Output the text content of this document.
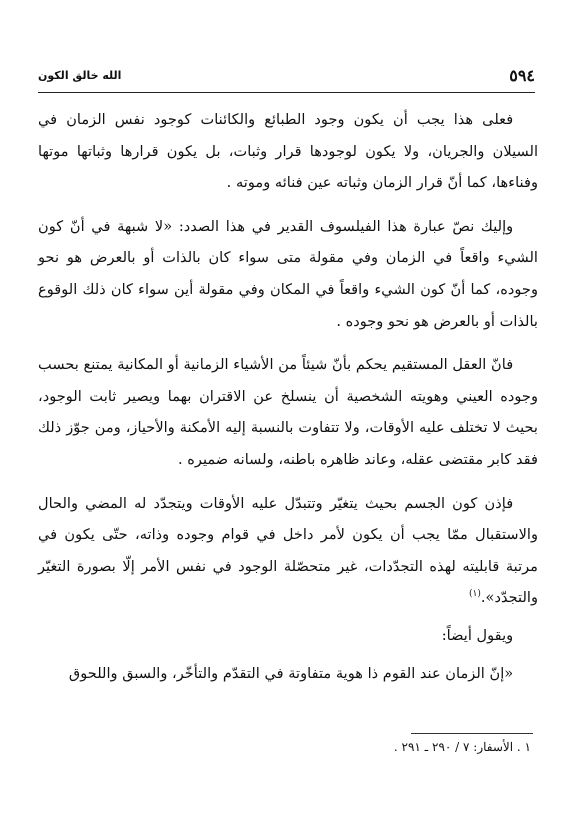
٥٩٤
الله خالق الكون

فعلى هذا يجب أن يكون وجود الطبائع والكائنات كوجود نفس الزمان في السيلان والجريان، ولا يكون لوجودها قرار وثبات، بل يكون قرارها وثباتها موتها وفناءها، كما أنّ قرار الزمان وثباته عين فنائه وموته .

وإليك نصّ عبارة هذا الفيلسوف القدير في هذا الصدد: «لا شبهة في أنّ كون الشيء واقعاً في الزمان وفي مقولة متى سواء كان بالذات أو بالعرض هو نحو وجوده، كما أنّ كون الشيء واقعاً في المكان وفي مقولة أين سواء كان ذلك الوقوع بالذات أو بالعرض هو نحو وجوده .

فانّ العقل المستقيم يحكم بأنّ شيئاً من الأشياء الزمانية أو المكانية يمتنع بحسب وجوده العيني وهويته الشخصية أن ينسلخ عن الاقتران بهما ويصير ثابت الوجود، بحيث لا تختلف عليه الأوقات، ولا تتفاوت بالنسبة إليه الأمكنة والأحياز، ومن جوّز ذلك فقد كابر مقتضى عقله، وعاند ظاهره باطنه، ولسانه ضميره .

فإذن كون الجسم بحيث يتغيّر وتتبدّل عليه الأوقات ويتجدّد له المضي والحال والاستقبال ممّا يجب أن يكون لأمر داخل في قوام وجوده وذاته، حتّى يكون في مرتبة قابليته لهذه التجدّدات، غير متحصّلة الوجود في نفس الأمر إلّا بصورة التغيّر والتجدّد».$^{(١)}$

ويقول أيضاً:

«إنّ الزمان عند القوم ذا هوية متفاوتة في التقدّم والتأخّر، والسبق واللحوق

١ . الأسفار: ٧ / ٢٩٠ ـ ٢٩١ .
